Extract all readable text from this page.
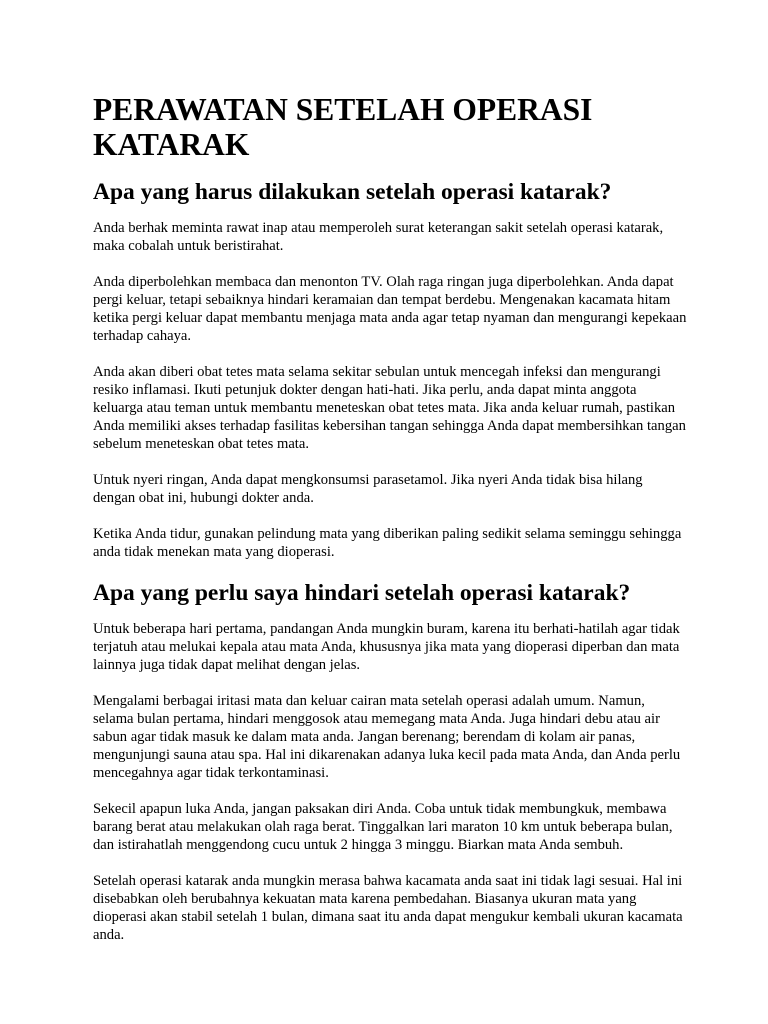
PERAWATAN SETELAH OPERASI KATARAK
Apa yang harus dilakukan setelah operasi katarak?

Anda berhak meminta rawat inap atau memperoleh surat keterangan sakit setelah operasi katarak, maka cobalah untuk beristirahat.

Anda diperbolehkan membaca dan menonton TV. Olah raga ringan juga diperbolehkan. Anda dapat pergi keluar, tetapi sebaiknya hindari keramaian dan tempat berdebu. Mengenakan kacamata hitam ketika pergi keluar dapat membantu menjaga mata anda agar tetap nyaman dan mengurangi kepekaan terhadap cahaya.

Anda akan diberi obat tetes mata selama sekitar sebulan untuk mencegah infeksi dan mengurangi resiko inflamasi. Ikuti petunjuk dokter dengan hati-hati. Jika perlu, anda dapat minta anggota keluarga atau teman untuk membantu meneteskan obat tetes mata. Jika anda keluar rumah, pastikan Anda memiliki akses terhadap fasilitas kebersihan tangan sehingga Anda dapat membersihkan tangan sebelum meneteskan obat tetes mata.

Untuk nyeri ringan, Anda dapat mengkonsumsi parasetamol. Jika nyeri Anda tidak bisa hilang dengan obat ini, hubungi dokter anda.

Ketika Anda tidur, gunakan pelindung mata yang diberikan paling sedikit selama seminggu sehingga anda tidak menekan mata yang dioperasi.

Apa yang perlu saya hindari setelah operasi katarak?

Untuk beberapa hari pertama, pandangan Anda mungkin buram, karena itu berhati-hatilah agar tidak terjatuh atau melukai kepala atau mata Anda, khususnya jika mata yang dioperasi diperban dan mata lainnya juga tidak dapat melihat dengan jelas.

Mengalami berbagai iritasi mata dan keluar cairan mata setelah operasi adalah umum. Namun, selama bulan pertama, hindari menggosok atau memegang mata Anda. Juga hindari debu atau air sabun agar tidak masuk ke dalam mata anda. Jangan berenang; berendam di kolam air panas, mengunjungi sauna atau spa. Hal ini dikarenakan adanya luka kecil pada mata Anda, dan Anda perlu mencegahnya agar tidak terkontaminasi.

Sekecil apapun luka Anda, jangan paksakan diri Anda. Coba untuk tidak membungkuk, membawa barang berat atau melakukan olah raga berat. Tinggalkan lari maraton 10 km untuk beberapa bulan, dan istirahatlah menggendong cucu untuk 2 hingga 3 minggu. Biarkan mata Anda sembuh.

Setelah operasi katarak anda mungkin merasa bahwa kacamata anda saat ini tidak lagi sesuai. Hal ini disebabkan oleh berubahnya kekuatan mata karena pembedahan. Biasanya ukuran mata yang dioperasi akan stabil setelah 1 bulan, dimana saat itu anda dapat mengukur kembali ukuran kacamata anda.
